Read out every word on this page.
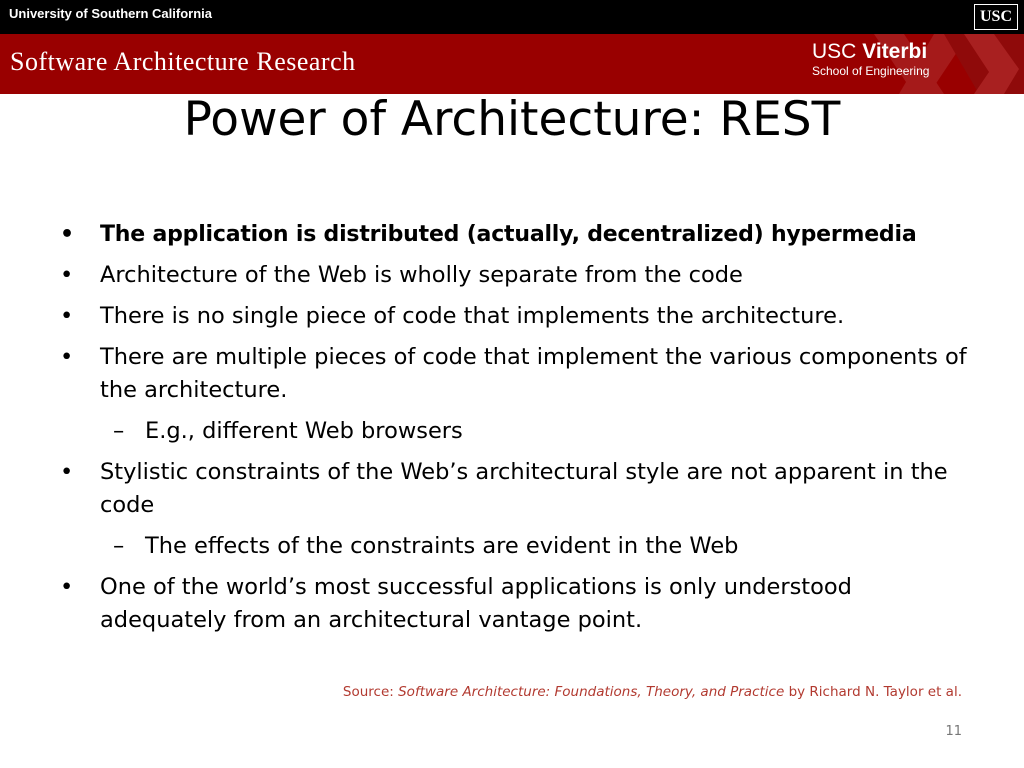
University of Southern California	USC
Software Architecture Research	USC Viterbi
School of Engineering
Power of Architecture: REST
• The application is distributed (actually, decentralized) hypermedia
• Architecture of the Web is wholly separate from the code
• There is no single piece of code that implements the architecture.
• There are multiple pieces of code that implement the various components of the architecture.
– E.g., different Web browsers
• Stylistic constraints of the Web’s architectural style are not apparent in the code
– The effects of the constraints are evident in the Web
• One of the world’s most successful applications is only understood adequately from an architectural vantage point.
Source: Software Architecture: Foundations, Theory, and Practice by Richard N. Taylor et al.
11
